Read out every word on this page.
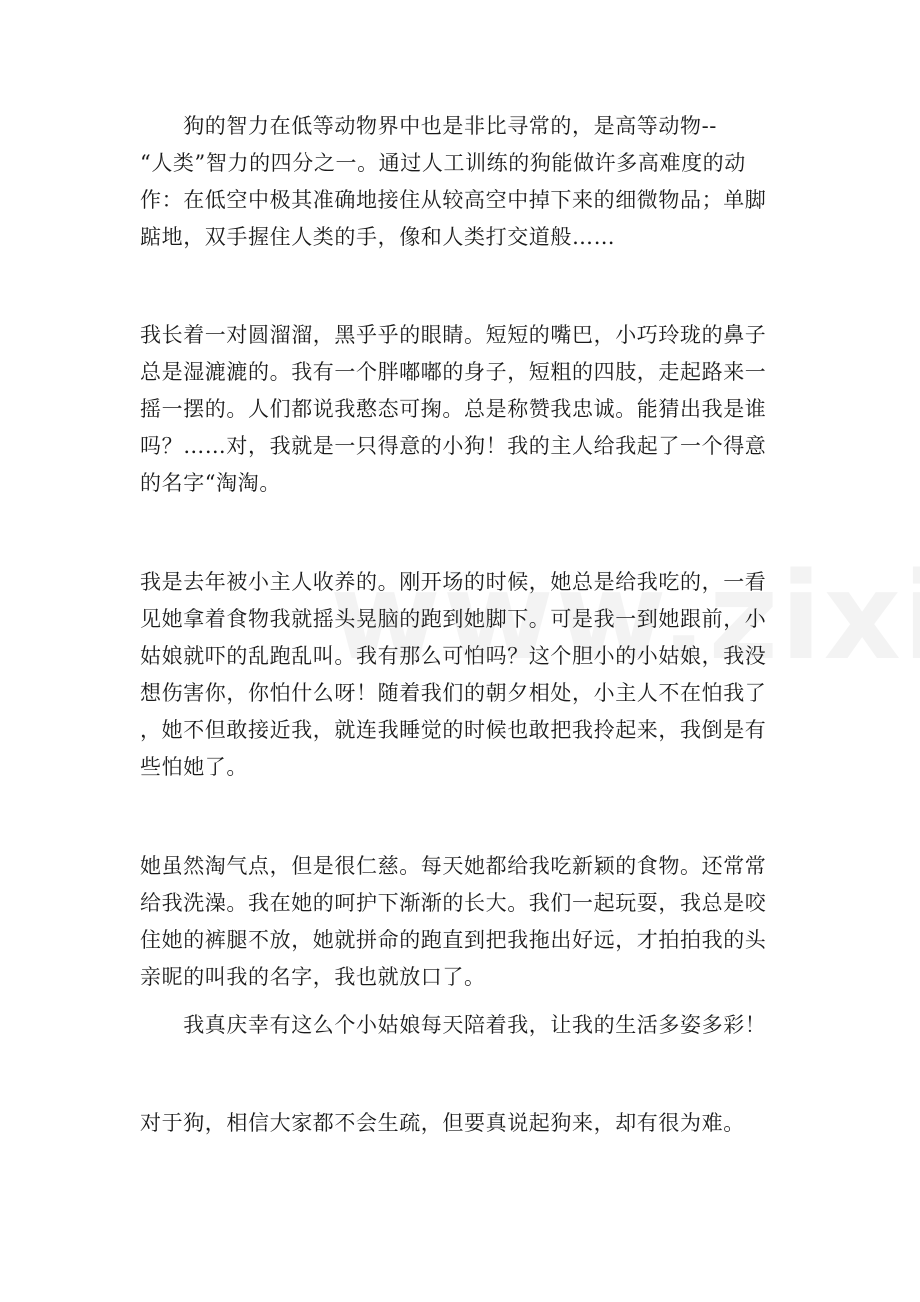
　　狗的智力在低等动物界中也是非比寻常的，是高等动物--
“人类”智力的四分之一。通过人工训练的狗能做许多高难度的动
作：在低空中极其准确地接住从较高空中掉下来的细微物品；单脚
踮地，双手握住人类的手，像和人类打交道般……
我长着一对圆溜溜，黑乎乎的眼睛。短短的嘴巴，小巧玲珑的鼻子
总是湿漉漉的。我有一个胖嘟嘟的身子，短粗的四肢，走起路来一
摇一摆的。人们都说我憨态可掬。总是称赞我忠诚。能猜出我是谁
吗？……对，我就是一只得意的小狗！我的主人给我起了一个得意
的名字“淘淘。
我是去年被小主人收养的。刚开场的时候，她总是给我吃的，一看
见她拿着食物我就摇头晃脑的跑到她脚下。可是我一到她跟前，小
姑娘就吓的乱跑乱叫。我有那么可怕吗？这个胆小的小姑娘，我没
想伤害你，你怕什么呀！随着我们的朝夕相处，小主人不在怕我了
，她不但敢接近我，就连我睡觉的时候也敢把我拎起来，我倒是有
些怕她了。
她虽然淘气点，但是很仁慈。每天她都给我吃新颖的食物。还常常
给我洗澡。我在她的呵护下渐渐的长大。我们一起玩耍，我总是咬
住她的裤腿不放，她就拼命的跑直到把我拖出好远，才拍拍我的头
亲昵的叫我的名字，我也就放口了。
　　我真庆幸有这么个小姑娘每天陪着我，让我的生活多姿多彩！
对于狗，相信大家都不会生疏，但要真说起狗来，却有很为难。
